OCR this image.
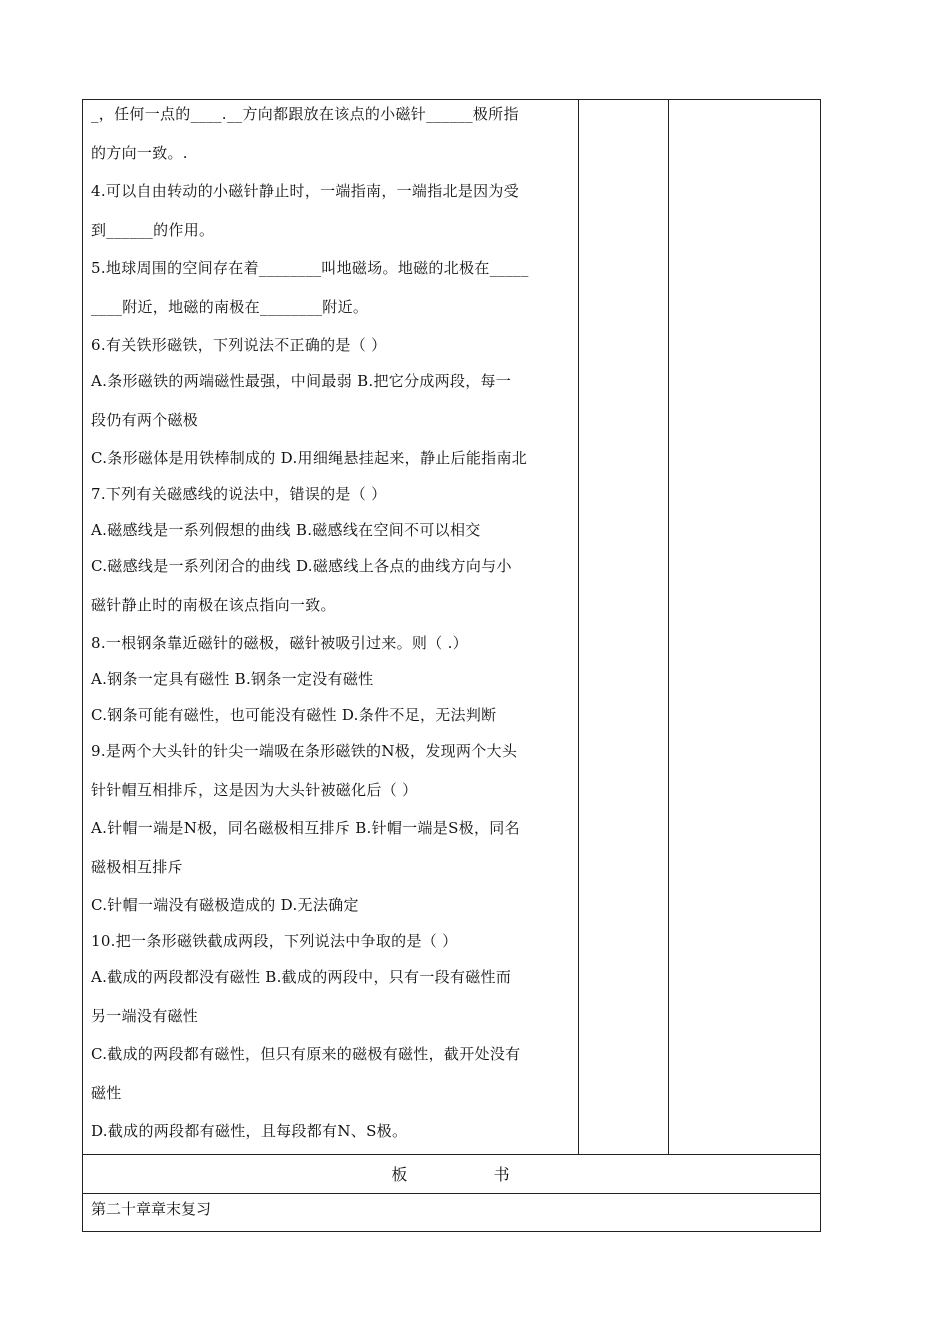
_，任何一点的____.__方向都跟放在该点的小磁针______极所指
的方向一致。.
4.可以自由转动的小磁针静止时，一端指南，一端指北是因为受
到______的作用。
5.地球周围的空间存在着________叫地磁场。地磁的北极在_____
____附近，地磁的南极在________附近。
6.有关铁形磁铁，下列说法不正确的是（ ）
A.条形磁铁的两端磁性最强，中间最弱 B.把它分成两段，每一
段仍有两个磁极
C.条形磁体是用铁棒制成的 D.用细绳悬挂起来，静止后能指南北
7.下列有关磁感线的说法中，错误的是（ ）
A.磁感线是一系列假想的曲线 B.磁感线在空间不可以相交
C.磁感线是一系列闭合的曲线 D.磁感线上各点的曲线方向与小
磁针静止时的南极在该点指向一致。
8.一根钢条靠近磁针的磁极，磁针被吸引过来。则（ .）
A.钢条一定具有磁性 B.钢条一定没有磁性
C.钢条可能有磁性，也可能没有磁性 D.条件不足，无法判断
9.是两个大头针的针尖一端吸在条形磁铁的N极，发现两个大头
针针帽互相排斥，这是因为大头针被磁化后（ ）
A.针帽一端是N极，同名磁极相互排斥 B.针帽一端是S极，同名
磁极相互排斥
C.针帽一端没有磁极造成的 D.无法确定
10.把一条形磁铁截成两段，下列说法中争取的是（ ）
A.截成的两段都没有磁性 B.截成的两段中，只有一段有磁性而
另一端没有磁性
C.截成的两段都有磁性，但只有原来的磁极有磁性，截开处没有
磁性
D.截成的两段都有磁性，且每段都有N、S极。
板	书
第二十章章末复习
